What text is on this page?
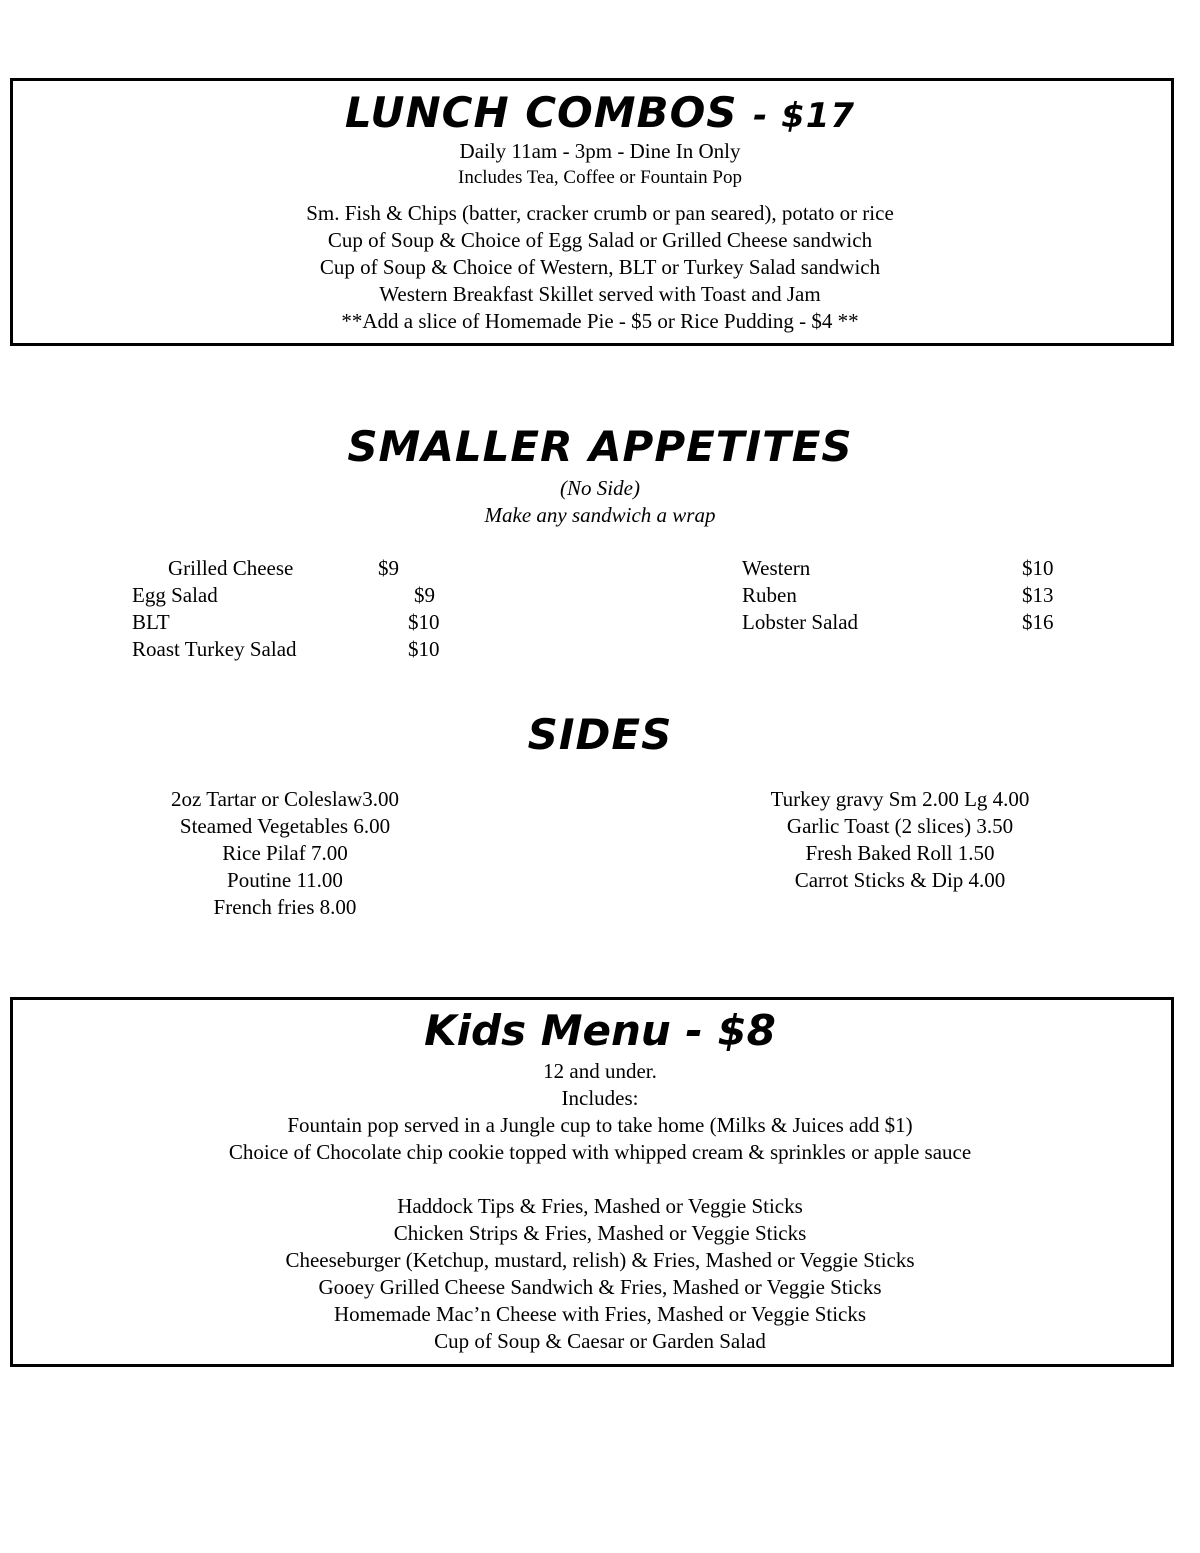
LUNCH COMBOS - $17
Daily 11am - 3pm - Dine In Only
Includes Tea, Coffee or Fountain Pop
Sm. Fish & Chips (batter, cracker crumb or pan seared), potato or rice
Cup of Soup & Choice of Egg Salad or Grilled Cheese sandwich
Cup of Soup & Choice of Western, BLT or Turkey Salad sandwich
Western Breakfast Skillet served with Toast and Jam
**Add a slice of Homemade Pie - $5 or Rice Pudding - $4 **
SMALLER APPETITES
(No Side)
Make any sandwich a wrap
Grilled Cheese	$9
Egg Salad	$9
BLT	$10
Roast Turkey Salad	$10
Western	$10
Ruben	$13
Lobster Salad	$16
SIDES
2oz Tartar or Coleslaw3.00
Steamed Vegetables 6.00
Rice Pilaf 7.00
Poutine 11.00
French fries 8.00
Turkey gravy Sm 2.00 Lg 4.00
Garlic Toast (2 slices) 3.50
Fresh Baked Roll 1.50
Carrot Sticks & Dip 4.00
Kids Menu - $8
12 and under.
Includes:
Fountain pop served in a Jungle cup to take home (Milks & Juices add $1)
Choice of Chocolate chip cookie topped with whipped cream & sprinkles or apple sauce
Haddock Tips & Fries, Mashed or Veggie Sticks
Chicken Strips & Fries, Mashed or Veggie Sticks
Cheeseburger (Ketchup, mustard, relish) & Fries, Mashed or Veggie Sticks
Gooey Grilled Cheese Sandwich & Fries, Mashed or Veggie Sticks
Homemade Mac’n Cheese with Fries, Mashed or Veggie Sticks
Cup of Soup & Caesar or Garden Salad
